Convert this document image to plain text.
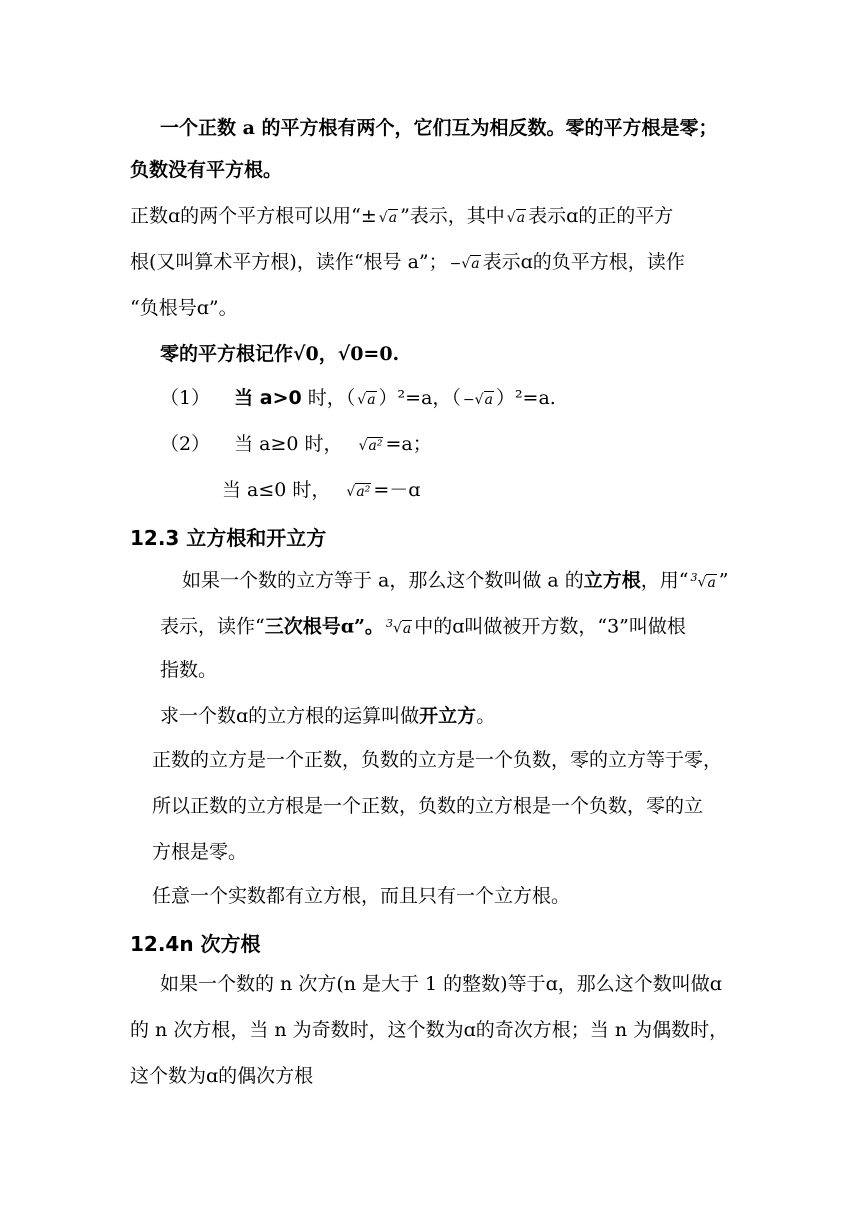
一个正数 a 的平方根有两个，它们互为相反数。零的平方根是零；
负数没有平方根。
正数ɑ的两个平方根可以用“± √a ”表示，其中 √a 表示ɑ的正的平方
根(又叫算术平方根)，读作“根号 a”； −√a 表示ɑ的负平方根，读作
“负根号ɑ”。
零的平方根记作√0，√0=0.
（1） 当 a>0 时，（ √a ）²=a，（ −√a ）²=a.
（2） 当 a≥0 时， √a² =a；
当 a≤0 时， √a² =－ɑ
12.3 立方根和开立方
如果一个数的立方等于 a，那么这个数叫做 a 的立方根，用“ $^3$√a ”
表示，读作“三次根号ɑ”。 $^3$√a 中的ɑ叫做被开方数，“3”叫做根
指数。
求一个数ɑ的立方根的运算叫做开立方。
正数的立方是一个正数，负数的立方是一个负数，零的立方等于零，
所以正数的立方根是一个正数，负数的立方根是一个负数，零的立
方根是零。
任意一个实数都有立方根，而且只有一个立方根。
12.4n 次方根
如果一个数的 n 次方(n 是大于 1 的整数)等于ɑ，那么这个数叫做ɑ
的 n 次方根，当 n 为奇数时，这个数为ɑ的奇次方根；当 n 为偶数时，
这个数为ɑ的偶次方根
